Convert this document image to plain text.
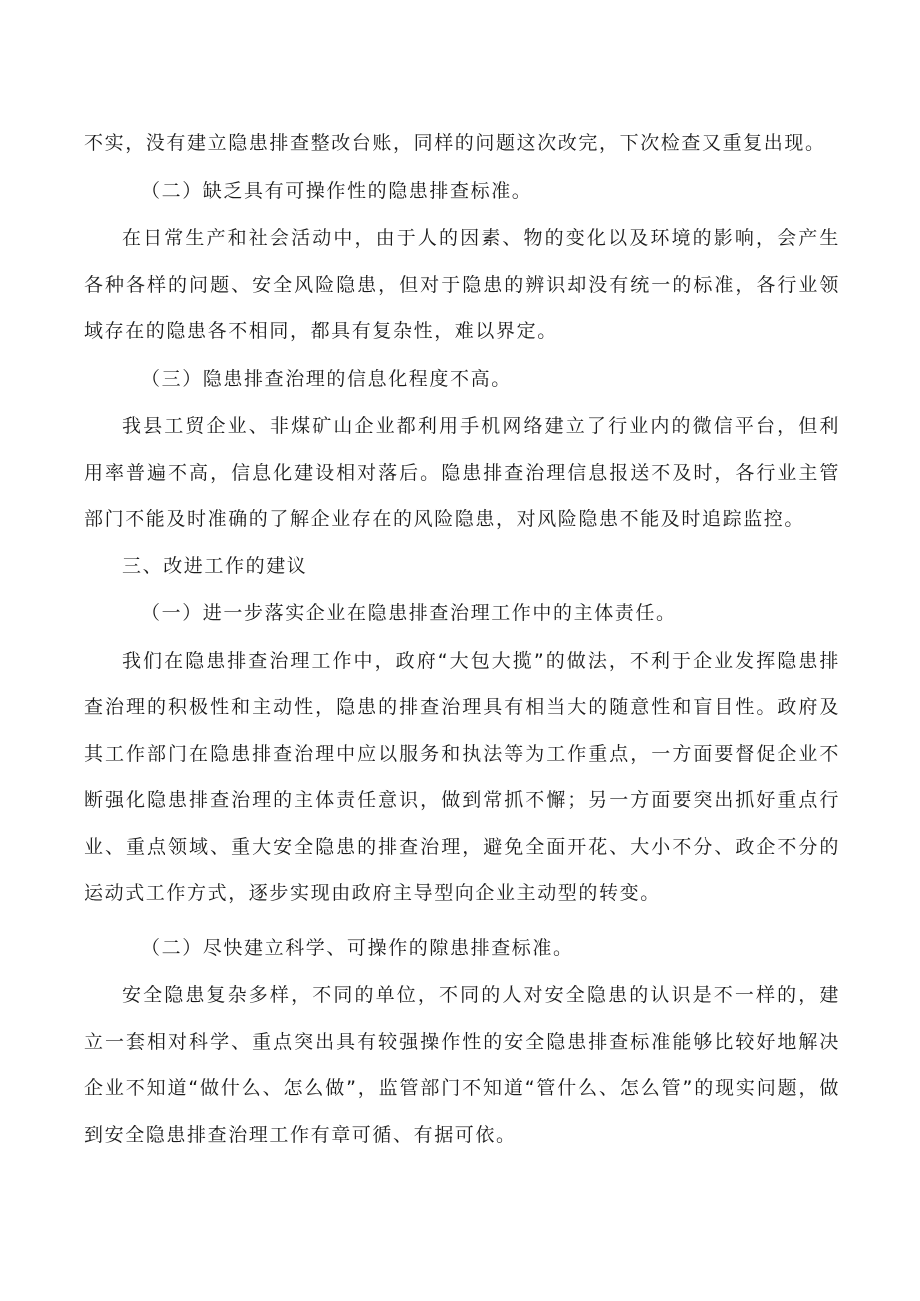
不实，没有建立隐患排查整改台账，同样的问题这次改完，下次检查又重复出现。

（二）缺乏具有可操作性的隐患排查标准。

在日常生产和社会活动中，由于人的因素、物的变化以及环境的影响，会产生各种各样的问题、安全风险隐患，但对于隐患的辨识却没有统一的标准，各行业领域存在的隐患各不相同，都具有复杂性，难以界定。

（三）隐患排查治理的信息化程度不高。

我县工贸企业、非煤矿山企业都利用手机网络建立了行业内的微信平台，但利用率普遍不高，信息化建设相对落后。隐患排查治理信息报送不及时，各行业主管部门不能及时准确的了解企业存在的风险隐患，对风险隐患不能及时追踪监控。

三、改进工作的建议

（一）进一步落实企业在隐患排查治理工作中的主体责任。

我们在隐患排查治理工作中，政府“大包大揽”的做法，不利于企业发挥隐患排查治理的积极性和主动性，隐患的排查治理具有相当大的随意性和盲目性。政府及其工作部门在隐患排查治理中应以服务和执法等为工作重点，一方面要督促企业不断强化隐患排查治理的主体责任意识，做到常抓不懈；另一方面要突出抓好重点行业、重点领域、重大安全隐患的排查治理，避免全面开花、大小不分、政企不分的运动式工作方式，逐步实现由政府主导型向企业主动型的转变。

（二）尽快建立科学、可操作的隙患排查标准。

安全隐患复杂多样，不同的单位，不同的人对安全隐患的认识是不一样的，建立一套相对科学、重点突出具有较强操作性的安全隐患排查标准能够比较好地解决企业不知道“做什么、怎么做”，监管部门不知道“管什么、怎么管”的现实问题，做到安全隐患排查治理工作有章可循、有据可依。
